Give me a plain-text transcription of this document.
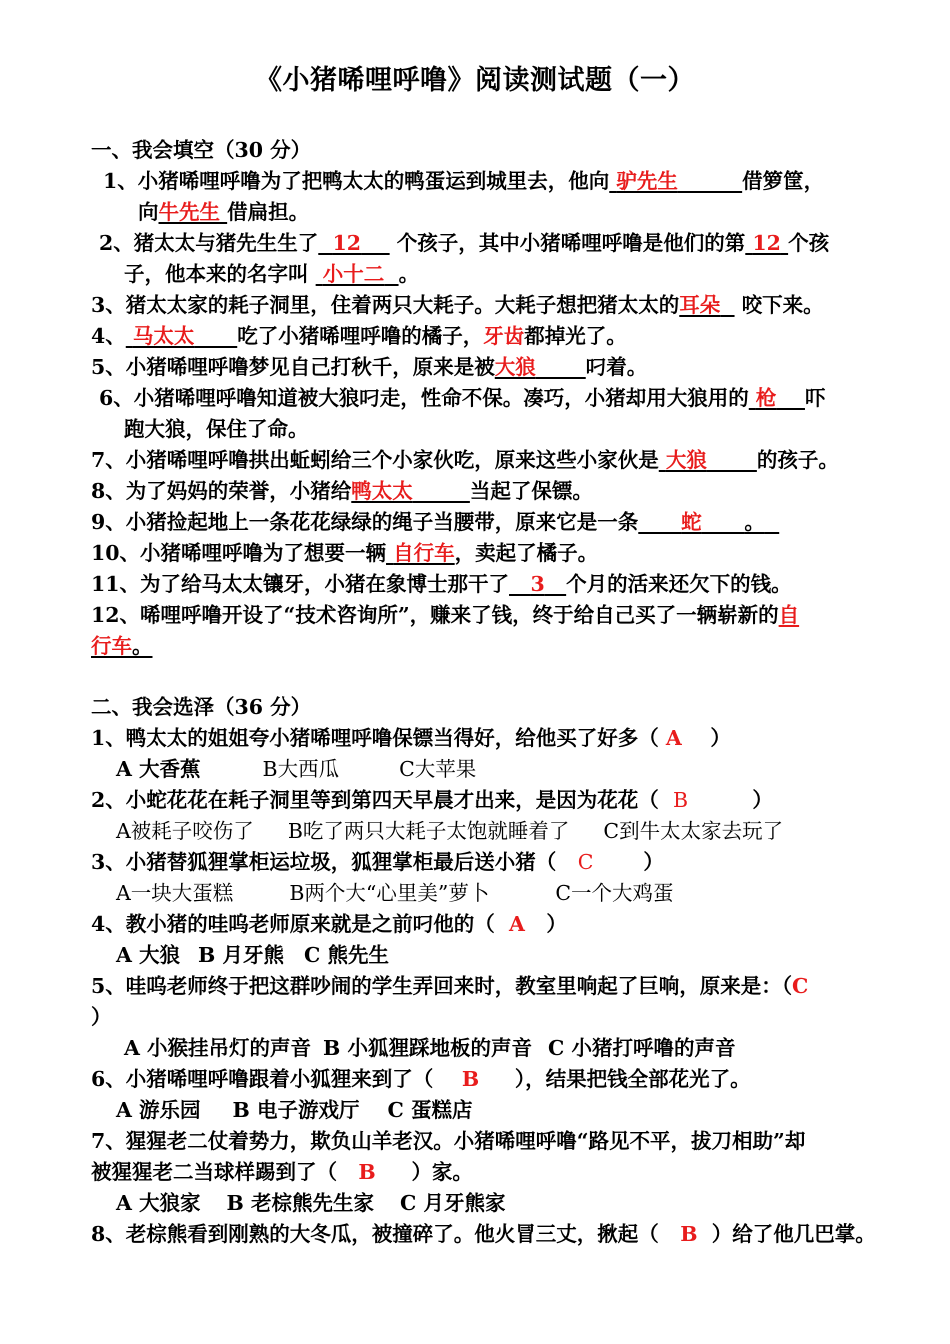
《小猪唏哩呼噜》阅读测试题（一）
一、我会填空（30 分）
1、小猪唏哩呼噜为了把鸭太太的鸭蛋运到城里去，他向 驴先生	借箩筐，
向牛先生 借扁担。
2、猪太太与猪先生生了 12 个孩子，其中小猪唏哩呼噜是他们的第 12 个孩
子，他本来的名字叫 小十二 。
3、猪太太家的耗子洞里，住着两只大耗子。大耗子想把猪太太的耳朵 咬下来。
4、 马太太 吃了小猪唏哩呼噜的橘子，牙齿都掉光了。
5、小猪唏哩呼噜梦见自己打秋千，原来是被大狼 叼着。
6、小猪唏哩呼噜知道被大狼叼走，性命不保。凑巧，小猪却用大狼用的 枪 吓
跑大狼，保住了命。
7、小猪唏哩呼噜拱出蚯蚓给三个小家伙吃，原来这些小家伙是 大狼 的孩子。
8、为了妈妈的荣誉，小猪给鸭太太	当起了保镖。
9、小猪捡起地上一条花花绿绿的绳子当腰带，原来它是一条 蛇 。
10、小猪唏哩呼噜为了想要一辆 自行车，卖起了橘子。
11、为了给马太太镶牙，小猪在象博士那干了 3 个月的活来还欠下的钱。
12、唏哩呼噜开设了“技术咨询所”，赚来了钱，终于给自己买了一辆崭新的自
行车。
二、我会选泽（36 分）
1、鸭太太的姐姐夸小猪唏哩呼噜保镖当得好，给他买了好多（ A ）
A 大香蕉	B大西瓜	C大苹果
2、小蛇花花在耗子洞里等到第四天早晨才出来，是因为花花（ B	）
A被耗子咬伤了 B吃了两只大耗子太饱就睡着了 C到牛太太家去玩了
3、小猪替狐狸掌柜运垃圾，狐狸掌柜最后送小猪（ C ）
A一块大蛋糕	B两个大“心里美”萝卜	C一个大鸡蛋
4、教小猪的哇呜老师原来就是之前叼他的（ A ）
A 大狼 B 月牙熊 C 熊先生
5、哇呜老师终于把这群吵闹的学生弄回来时，教室里响起了巨响，原来是：（C
）
A 小猴挂吊灯的声音 B 小狐狸踩地板的声音 C 小猪打呼噜的声音
6、小猪唏哩呼噜跟着小狐狸来到了（ B ），结果把钱全部花光了。
A 游乐园 B 电子游戏厅 C 蛋糕店
7、猩猩老二仗着势力，欺负山羊老汉。小猪唏哩呼噜“路见不平，拔刀相助”却
被猩猩老二当球样踢到了（ B ）家。
A 大狼家 B 老棕熊先生家 C 月牙熊家
8、老棕熊看到刚熟的大冬瓜，被撞碎了。他火冒三丈，揪起（ B ）给了他几巴掌。
